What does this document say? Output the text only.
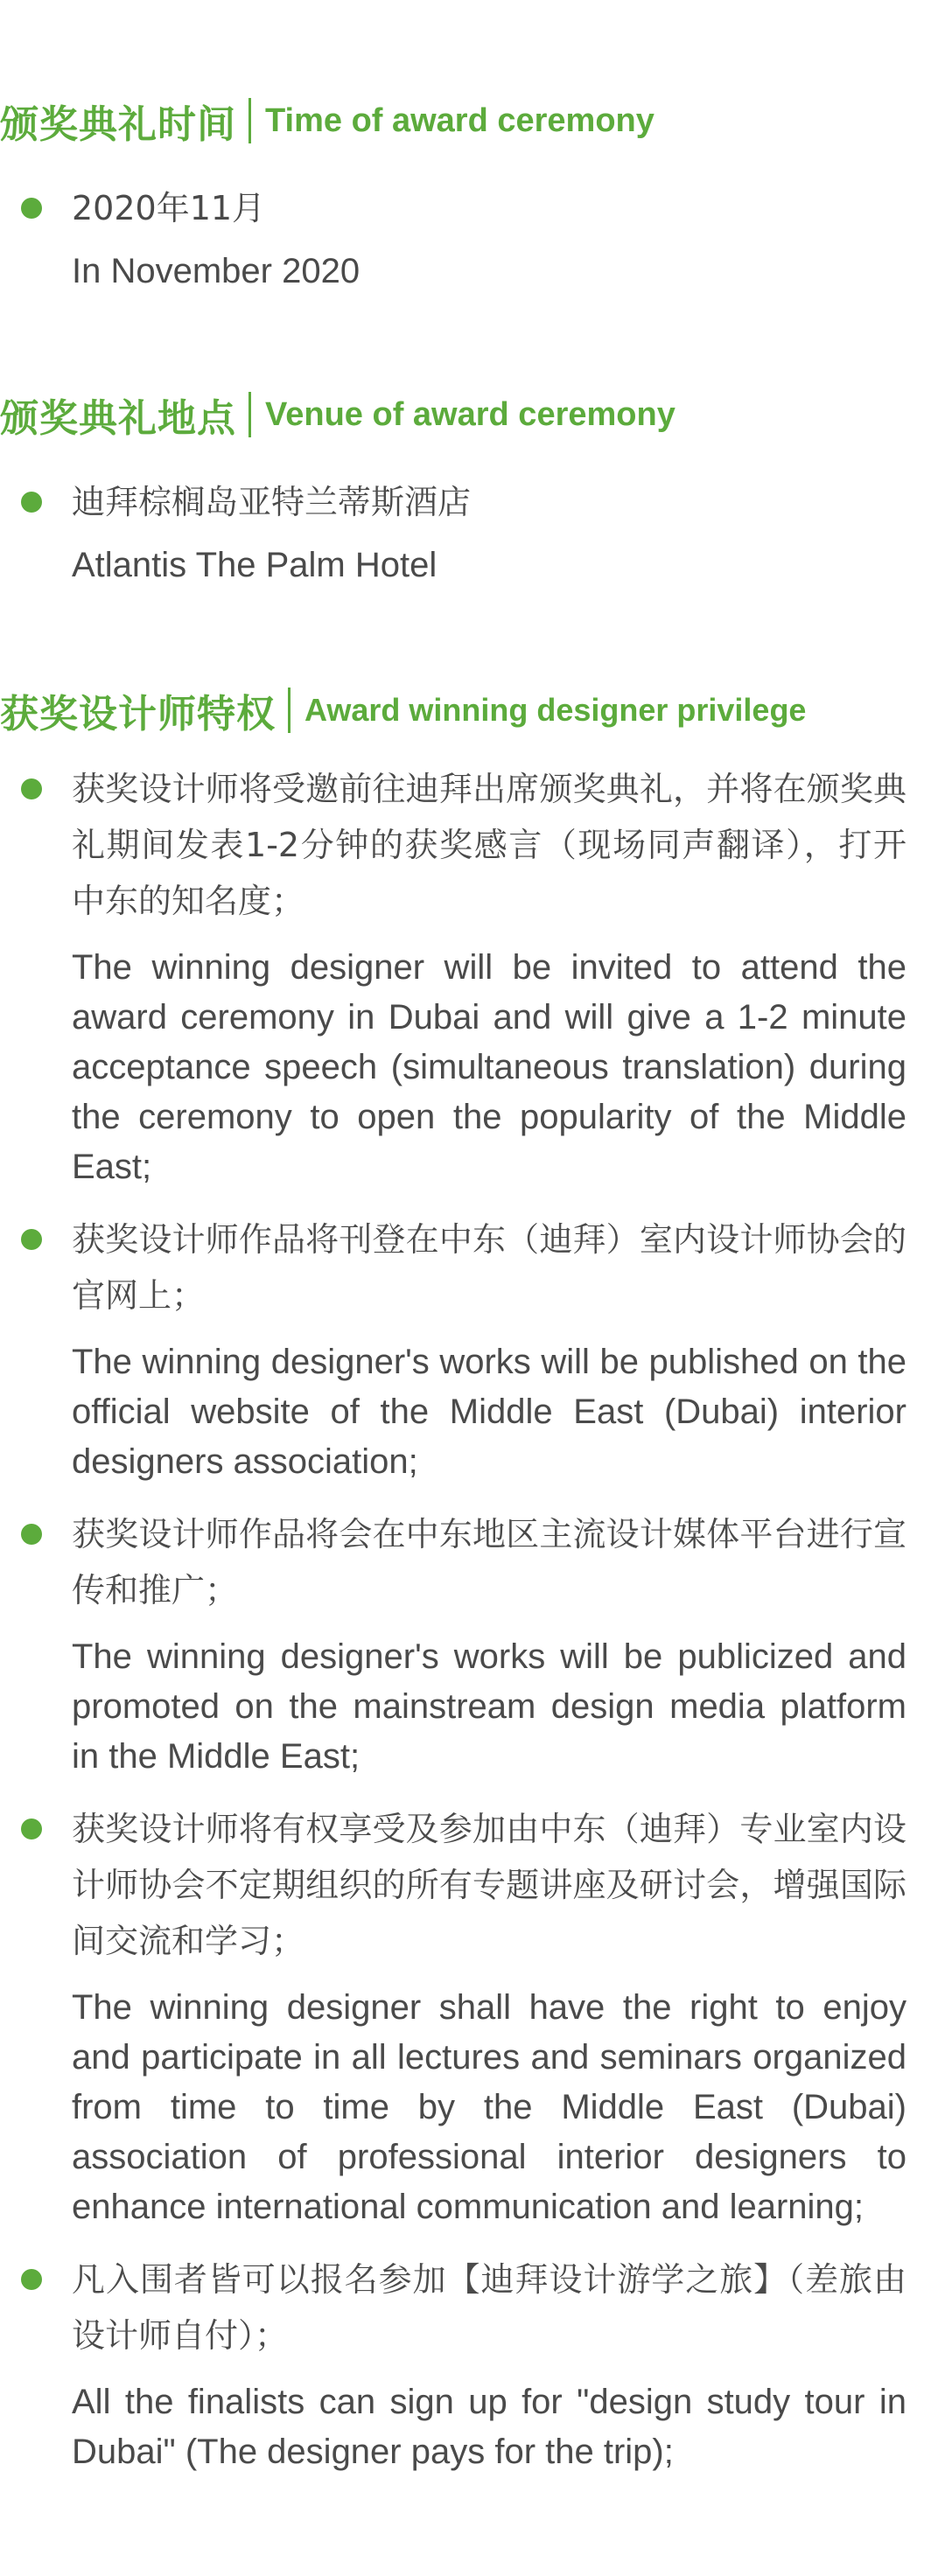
颁奖典礼时间 Time of award ceremony
2020年11月
In November 2020
颁奖典礼地点 Venue of award ceremony
迪拜棕榈岛亚特兰蒂斯酒店
Atlantis The Palm Hotel
获奖设计师特权 Award winning designer privilege
获奖设计师将受邀前往迪拜出席颁奖典礼，并将在颁奖典礼期间发表1-2分钟的获奖感言（现场同声翻译），打开中东的知名度；
The winning designer will be invited to attend the award ceremony in Dubai and will give a 1-2 minute acceptance speech (simultaneous translation) during the ceremony to open the popularity of the Middle East;
获奖设计师作品将刊登在中东（迪拜）室内设计师协会的官网上；
The winning designer's works will be published on the official website of the Middle East (Dubai) interior designers association;
获奖设计师作品将会在中东地区主流设计媒体平台进行宣传和推广；
The winning designer's works will be publicized and promoted on the mainstream design media platform in the Middle East;
获奖设计师将有权享受及参加由中东（迪拜）专业室内设计师协会不定期组织的所有专题讲座及研讨会，增强国际间交流和学习；
The winning designer shall have the right to enjoy and participate in all lectures and seminars organized from time to time by the Middle East (Dubai) association of professional interior designers to enhance international communication and learning;
凡入围者皆可以报名参加【迪拜设计游学之旅】（差旅由设计师自付）；
All the finalists can sign up for "design study tour in Dubai" (The designer pays for the trip);
